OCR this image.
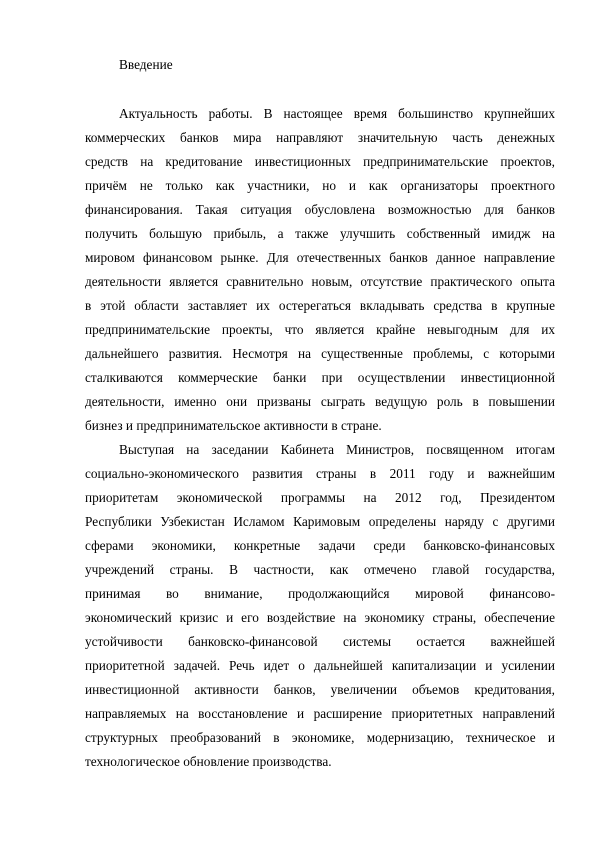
Введение
Актуальность работы. В настоящее время большинство крупнейших
коммерческих банков мира направляют значительную часть денежных
средств на кредитование инвестиционных предпринимательские проектов,
причём не только как участники, но и как организаторы проектного
финансирования. Такая ситуация обусловлена возможностью для банков
получить большую прибыль, а также улучшить собственный имидж на
мировом финансовом рынке. Для отечественных банков данное направление
деятельности является сравнительно новым, отсутствие практического опыта
в этой области заставляет их остерегаться вкладывать средства в крупные
предпринимательские проекты, что является крайне невыгодным для их
дальнейшего развития. Несмотря на существенные проблемы, с которыми
сталкиваются коммерческие банки при осуществлении инвестиционной
деятельности, именно они призваны сыграть ведущую роль в повышении
бизнез и предпринимательское активности в стране.
Выступая на заседании Кабинета Министров, посвященном итогам
социально-экономического развития страны в 2011 году и важнейшим
приоритетам экономической программы на 2012 год, Президентом
Республики Узбекистан Исламом Каримовым определены наряду с другими
сферами экономики, конкретные задачи среди банковско-финансовых
учреждений страны. В частности, как отмечено главой государства,
принимая во внимание, продолжающийся мировой финансово-
экономический кризис и его воздействие на экономику страны, обеспечение
устойчивости банковско-финансовой системы остается важнейшей
приоритетной задачей. Речь идет о дальнейшей капитализации и усилении
инвестиционной активности банков, увеличении объемов кредитования,
направляемых на восстановление и расширение приоритетных направлений
структурных преобразований в экономике, модернизацию, техническое и
технологическое обновление производства.
